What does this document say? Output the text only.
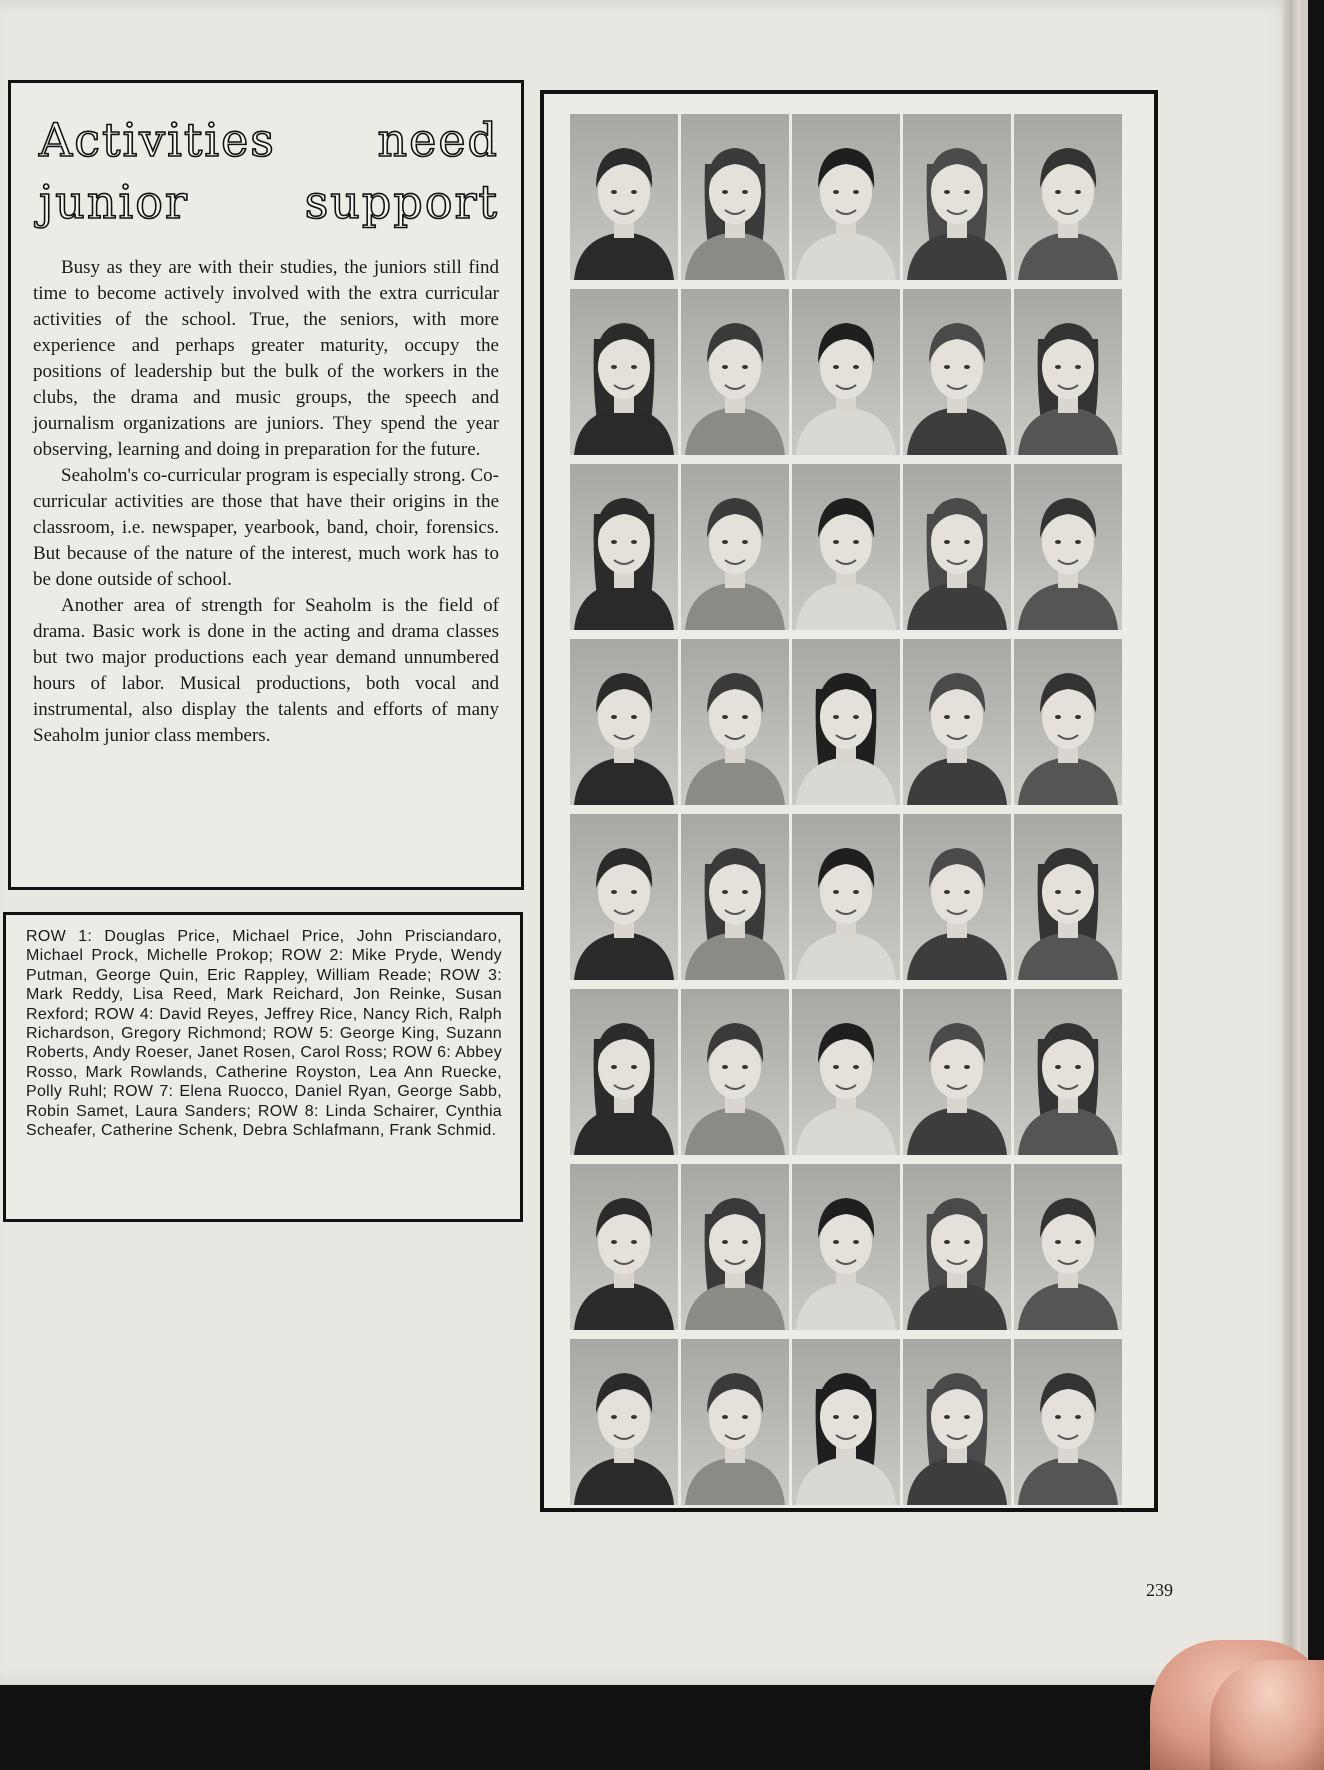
Activities need
junior	support

Busy as they are with their studies, the juniors still find time to become actively involved with the extra curricular activities of the school. True, the seniors, with more experience and perhaps greater maturity, occupy the positions of leadership but the bulk of the workers in the clubs, the drama and music groups, the speech and journalism organizations are juniors. They spend the year observing, learning and doing in preparation for the future.

Seaholm's co-curricular program is especially strong. Co-curricular activities are those that have their origins in the classroom, i.e. newspaper, yearbook, band, choir, forensics. But because of the nature of the interest, much work has to be done outside of school.

Another area of strength for Seaholm is the field of drama. Basic work is done in the acting and drama classes but two major productions each year demand unnumbered hours of labor. Musical productions, both vocal and instrumental, also display the talents and efforts of many Seaholm junior class members.

ROW 1: Douglas Price, Michael Price, John Prisciandaro, Michael Prock, Michelle Prokop; ROW 2: Mike Pryde, Wendy Putman, George Quin, Eric Rappley, William Reade; ROW 3: Mark Reddy, Lisa Reed, Mark Reichard, Jon Reinke, Susan Rexford; ROW 4: David Reyes, Jeffrey Rice, Nancy Rich, Ralph Richardson, Gregory Richmond; ROW 5: George King, Suzann Roberts, Andy Roeser, Janet Rosen, Carol Ross; ROW 6: Abbey Rosso, Mark Rowlands, Catherine Royston, Lea Ann Ruecke, Polly Ruhl; ROW 7: Elena Ruocco, Daniel Ryan, George Sabb, Robin Samet, Laura Sanders; ROW 8: Linda Schairer, Cynthia Scheafer, Catherine Schenk, Debra Schlafmann, Frank Schmid.

239
